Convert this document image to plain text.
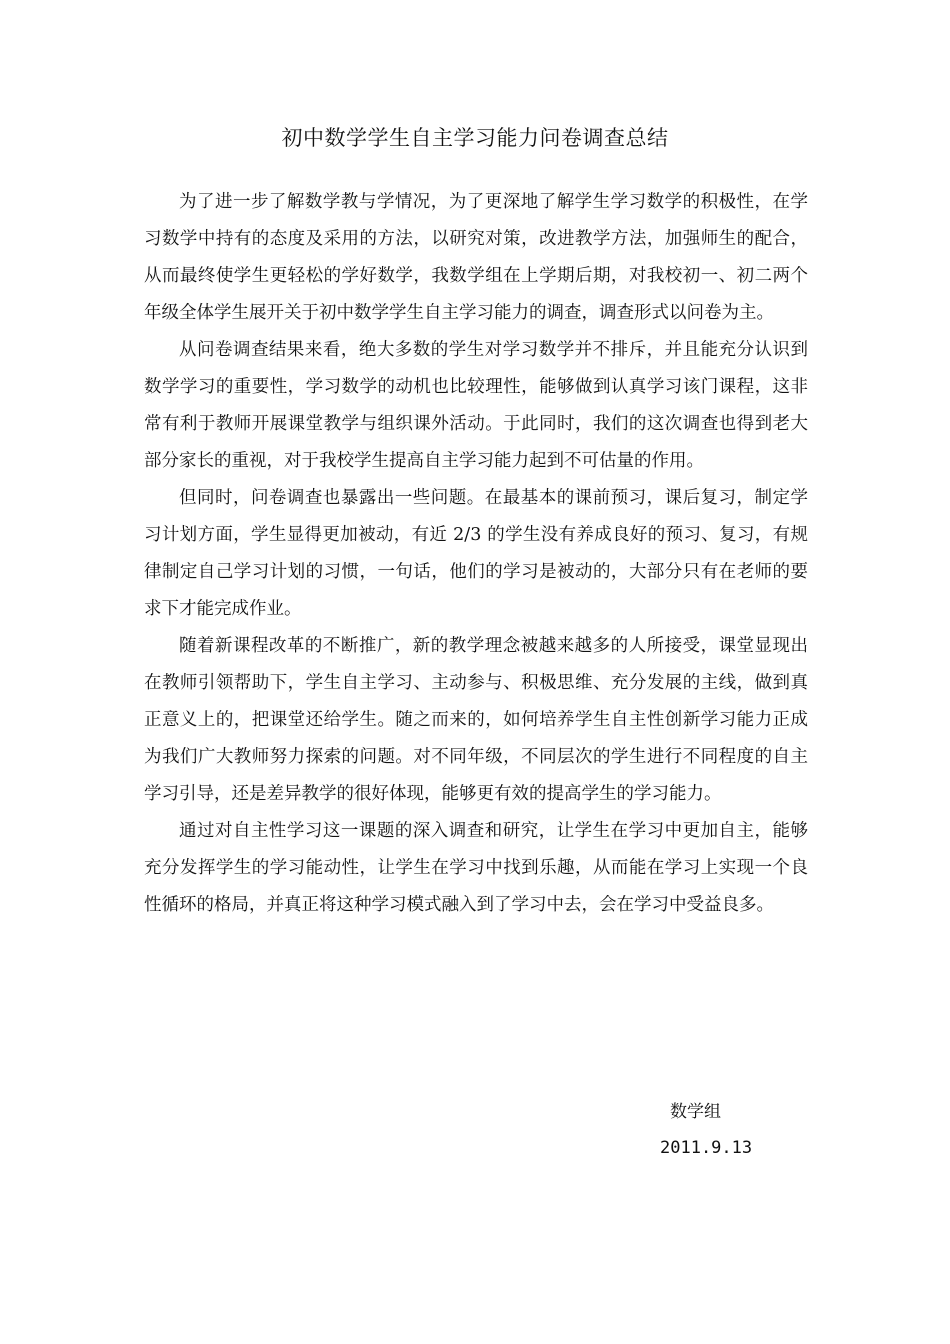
初中数学学生自主学习能力问卷调查总结

为了进一步了解数学教与学情况，为了更深地了解学生学习数学的积极性，在学习数学中持有的态度及采用的方法，以研究对策，改进教学方法，加强师生的配合，从而最终使学生更轻松的学好数学，我数学组在上学期后期，对我校初一、初二两个年级全体学生展开关于初中数学学生自主学习能力的调查，调查形式以问卷为主。

从问卷调查结果来看，绝大多数的学生对学习数学并不排斥，并且能充分认识到数学学习的重要性，学习数学的动机也比较理性，能够做到认真学习该门课程，这非常有利于教师开展课堂教学与组织课外活动。于此同时，我们的这次调查也得到老大部分家长的重视，对于我校学生提高自主学习能力起到不可估量的作用。

但同时，问卷调查也暴露出一些问题。在最基本的课前预习，课后复习，制定学习计划方面，学生显得更加被动，有近 2/3 的学生没有养成良好的预习、复习，有规律制定自己学习计划的习惯，一句话，他们的学习是被动的，大部分只有在老师的要求下才能完成作业。

随着新课程改革的不断推广，新的教学理念被越来越多的人所接受，课堂显现出在教师引领帮助下，学生自主学习、主动参与、积极思维、充分发展的主线，做到真正意义上的，把课堂还给学生。随之而来的，如何培养学生自主性创新学习能力正成为我们广大教师努力探索的问题。对不同年级，不同层次的学生进行不同程度的自主学习引导，还是差异教学的很好体现，能够更有效的提高学生的学习能力。

通过对自主性学习这一课题的深入调查和研究，让学生在学习中更加自主，能够充分发挥学生的学习能动性，让学生在学习中找到乐趣，从而能在学习上实现一个良性循环的格局，并真正将这种学习模式融入到了学习中去，会在学习中受益良多。

数学组
2011.9.13
